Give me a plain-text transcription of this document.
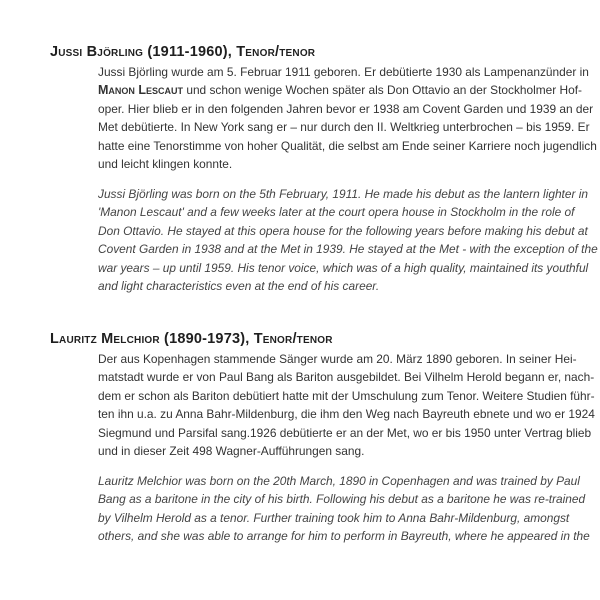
Jussi Björling (1911-1960), Tenor/tenor
Jussi Björling wurde am 5. Februar 1911 geboren. Er debütierte 1930 als Lampenanzünder in
Manon Lescaut und schon wenige Wochen später als Don Ottavio an der Stockholmer Hof-
oper. Hier blieb er in den folgenden Jahren bevor er 1938 am Covent Garden und 1939 an der
Met debütierte. In New York sang er – nur durch den II. Weltkrieg unterbrochen – bis 1959. Er
hatte eine Tenorstimme von hoher Qualität, die selbst am Ende seiner Karriere noch jugendlich
und leicht klingen konnte.
Jussi Björling was born on the 5th February, 1911. He made his debut as the lantern lighter in
'Manon Lescaut' and a few weeks later at the court opera house in Stockholm in the role of
Don Ottavio. He stayed at this opera house for the following years before making his debut at
Covent Garden in 1938 and at the Met in 1939. He stayed at the Met - with the exception of the
war years – up until 1959. His tenor voice, which was of a high quality, maintained its youthful
and light characteristics even at the end of his career.
Lauritz Melchior (1890-1973), Tenor/tenor
Der aus Kopenhagen stammende Sänger wurde am 20. März 1890 geboren. In seiner Hei-
matstadt wurde er von Paul Bang als Bariton ausgebildet. Bei Vilhelm Herold begann er, nach-
dem er schon als Bariton debütiert hatte mit der Umschulung zum Tenor. Weitere Studien führ-
ten ihn u.a. zu Anna Bahr-Mildenburg, die ihm den Weg nach Bayreuth ebnete und wo er 1924
Siegmund und Parsifal sang.1926 debütierte er an der Met, wo er bis 1950 unter Vertrag blieb
und in dieser Zeit 498 Wagner-Aufführungen sang.
Lauritz Melchior was born on the 20th March, 1890 in Copenhagen and was trained by Paul
Bang as a baritone in the city of his birth. Following his debut as a baritone he was re-trained
by Vilhelm Herold as a tenor. Further training took him to Anna Bahr-Mildenburg, amongst
others, and she was able to arrange for him to perform in Bayreuth, where he appeared in the
